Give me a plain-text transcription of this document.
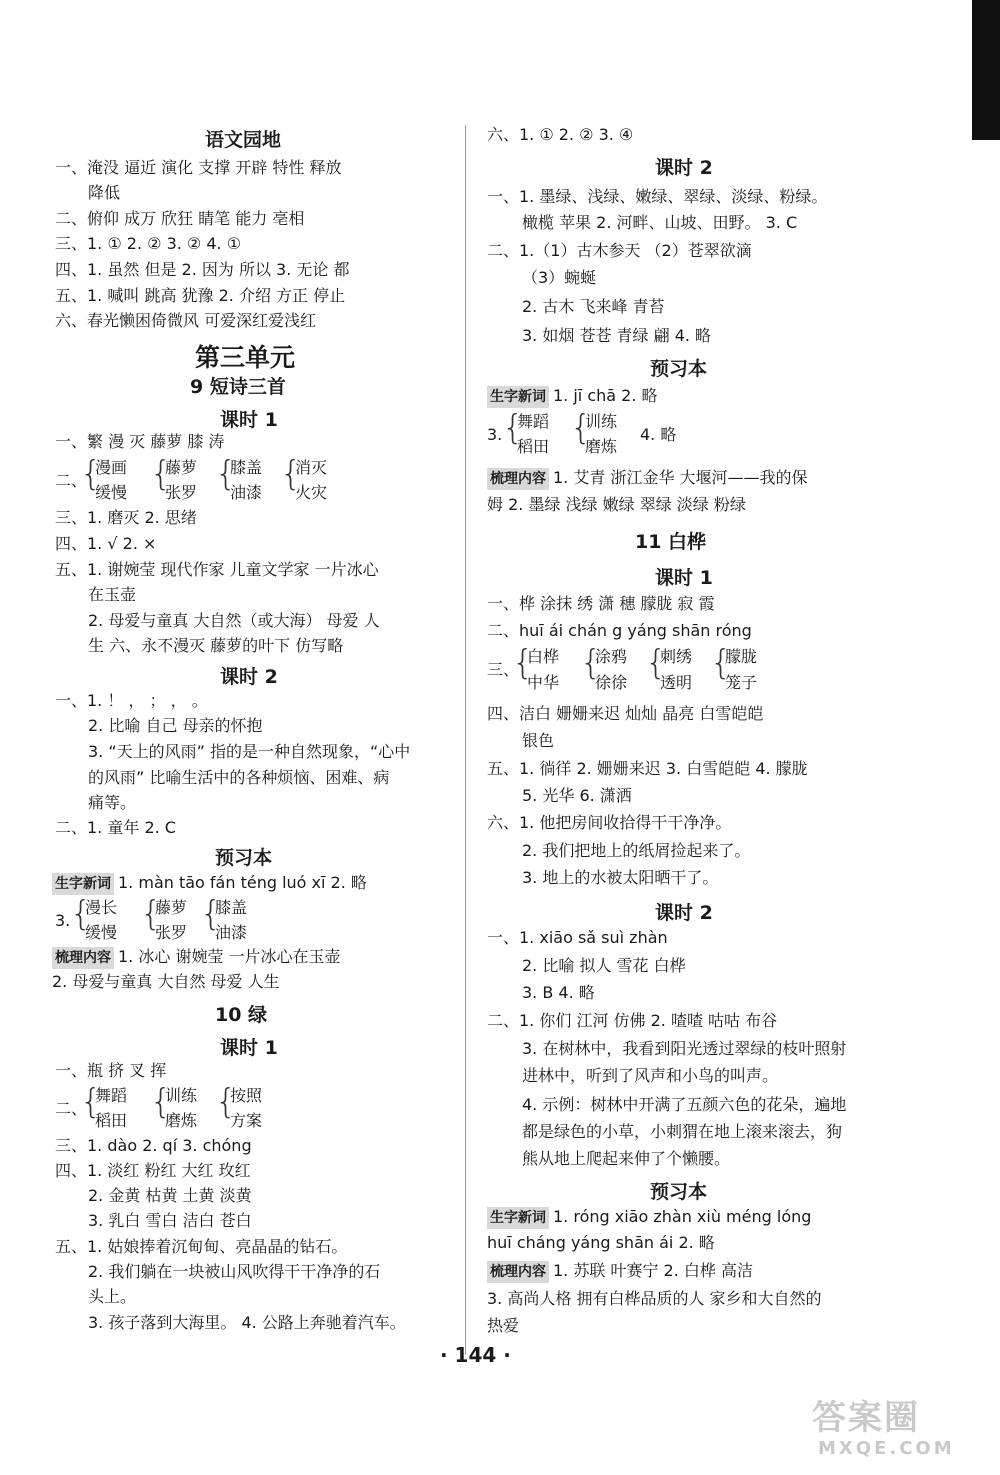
语文园地
一、淹没 逼近 演化 支撑 开辟 特性 释放
降低
二、俯仰 成万 欣狂 睛笔 能力 亳相
三、1. ① 2. ② 3. ② 4. ①
四、1. 虽然 但是 2. 因为 所以 3. 无论 都
五、1. 喊叫 跳高 犹豫 2. 介绍 方正 停止
六、春光懒困倚微风 可爱深红爱浅红
第三单元
9 短诗三首
课时 1
一、繁 漫 灭 藤萝 膝 涛
二、
{
漫画
缓慢 {
藤萝
张罗 {
膝盖
油漆 {
消灭
火灾
三、1. 磨灭 2. 思绪
四、1. √ 2. ×
五、1. 谢婉莹 现代作家 儿童文学家 一片冰心
在玉壶
2. 母爱与童真 大自然（或大海） 母爱 人
生 六、永不漫灭 藤萝的叶下 仿写略
课时 2
一、1. ！ ， ； ， 。
2. 比喻 自己 母亲的怀抱
3. “天上的风雨” 指的是一种自然现象，“心中
的风雨” 比喻生活中的各种烦恼、困难、病
痛等。
二、1. 童年 2. C
预习本
生字新词 1. màn tāo fán téng luó xī 2. 略
3. {
漫长
缓慢 {
藤萝
张罗 {
膝盖
油漆
梳理内容 1. 冰心 谢婉莹 一片冰心在玉壶
2. 母爱与童真 大自然 母爱 人生
10 绿
课时 1
一、瓶 挤 叉 挥
二、
{
舞蹈
稻田 {
训练
磨炼 {
按照
方案
三、1. dào 2. qí 3. chóng
四、1. 淡红 粉红 大红 玫红
2. 金黄 枯黄 土黄 淡黄
3. 乳白 雪白 洁白 苍白
五、1. 姑娘捧着沉甸甸、亮晶晶的钻石。
2. 我们躺在一块被山风吹得干干净净的石
头上。
3. 孩子落到大海里。 4. 公路上奔驰着汽车。
六、1. ① 2. ② 3. ④
课时 2
一、1. 墨绿、浅绿、嫩绿、翠绿、淡绿、粉绿。
橄榄 苹果 2. 河畔、山坡、田野。 3. C
二、1.（1）古木参天 （2）苍翠欲滴
（3）蜿蜒
2. 古木 飞来峰 青苔
3. 如烟 苍苍 青绿 翩 4. 略
预习本
生字新词 1. jī chā 2. 略
3. {
舞蹈
稻田 {
训练
磨炼
4. 略
梳理内容 1. 艾青 浙江金华 大堰河——我的保
姆 2. 墨绿 浅绿 嫩绿 翠绿 淡绿 粉绿
11 白桦
课时 1
一、桦 涂抹 绣 潇 穗 朦胧 寂 霞
二、huī ái chán g yáng shān róng
三、
{
白桦
中华 {
涂鸦
徐徐 {
刺绣
透明 {
朦胧
笼子
四、洁白 姗姗来迟 灿灿 晶亮 白雪皑皑
银色
五、1. 徜徉 2. 姗姗来迟 3. 白雪皑皑 4. 朦胧
5. 光华 6. 潇洒
六、1. 他把房间收拾得干干净净。
2. 我们把地上的纸屑捡起来了。
3. 地上的水被太阳晒干了。
课时 2
一、1. xiāo sǎ suì zhàn
2. 比喻 拟人 雪花 白桦
3. B 4. 略
二、1. 你们 江河 仿佛 2. 喳喳 咕咕 布谷
3. 在树林中，我看到阳光透过翠绿的枝叶照射
进林中，听到了风声和小鸟的叫声。
4. 示例：树林中开满了五颜六色的花朵，遍地
都是绿色的小草，小刺猬在地上滚来滚去，狗
熊从地上爬起来伸了个懒腰。
预习本
生字新词 1. róng xiāo zhàn xiù méng lóng
huī cháng yáng shān ái 2. 略
梳理内容 1. 苏联 叶赛宁 2. 白桦 高洁
3. 高尚人格 拥有白桦品质的人 家乡和大自然的
热爱
· 144 ·
答案圈
MXQE.COM
